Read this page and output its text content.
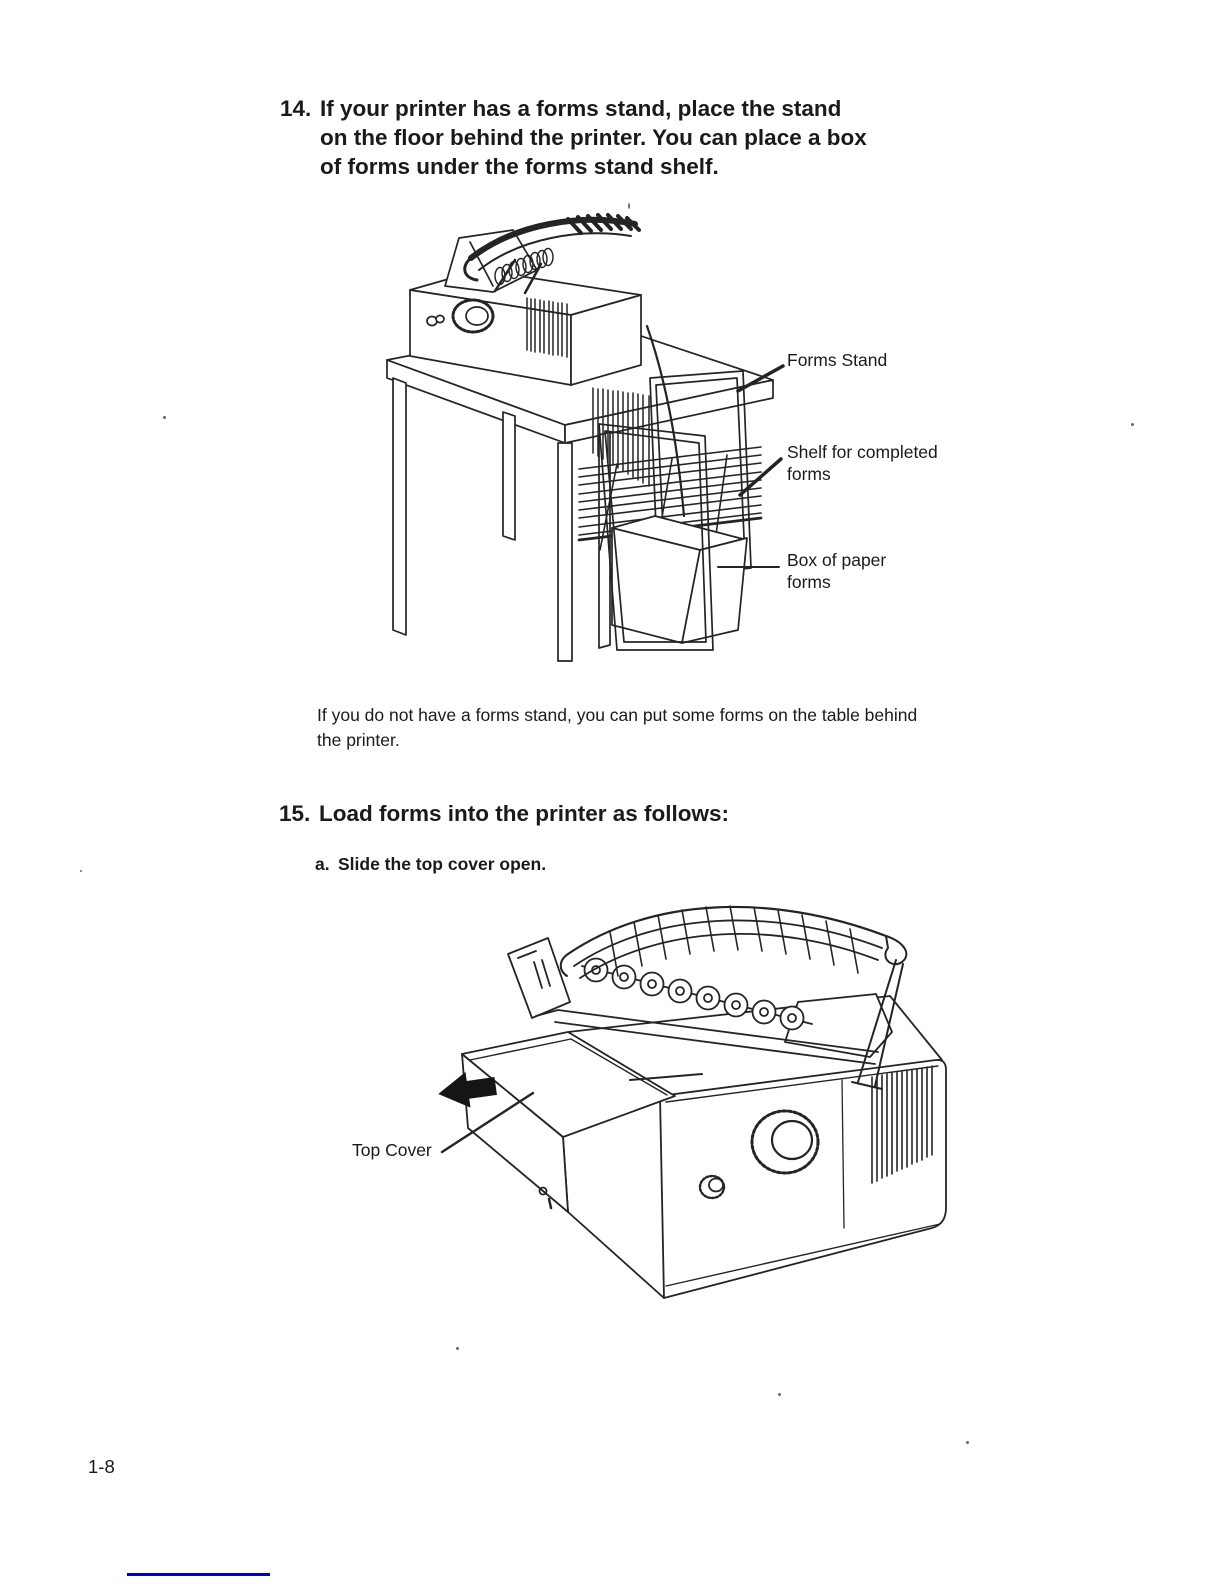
14. If your printer has a forms stand, place the stand
on the floor behind the printer. You can place a box
of forms under the forms stand shelf.
Forms Stand
Shelf for completed
forms
Box of paper
forms
If you do not have a forms stand, you can put some forms on the table behind
the printer.
15. Load forms into the printer as follows:
a. Slide the top cover open.
Top Cover
1-8
